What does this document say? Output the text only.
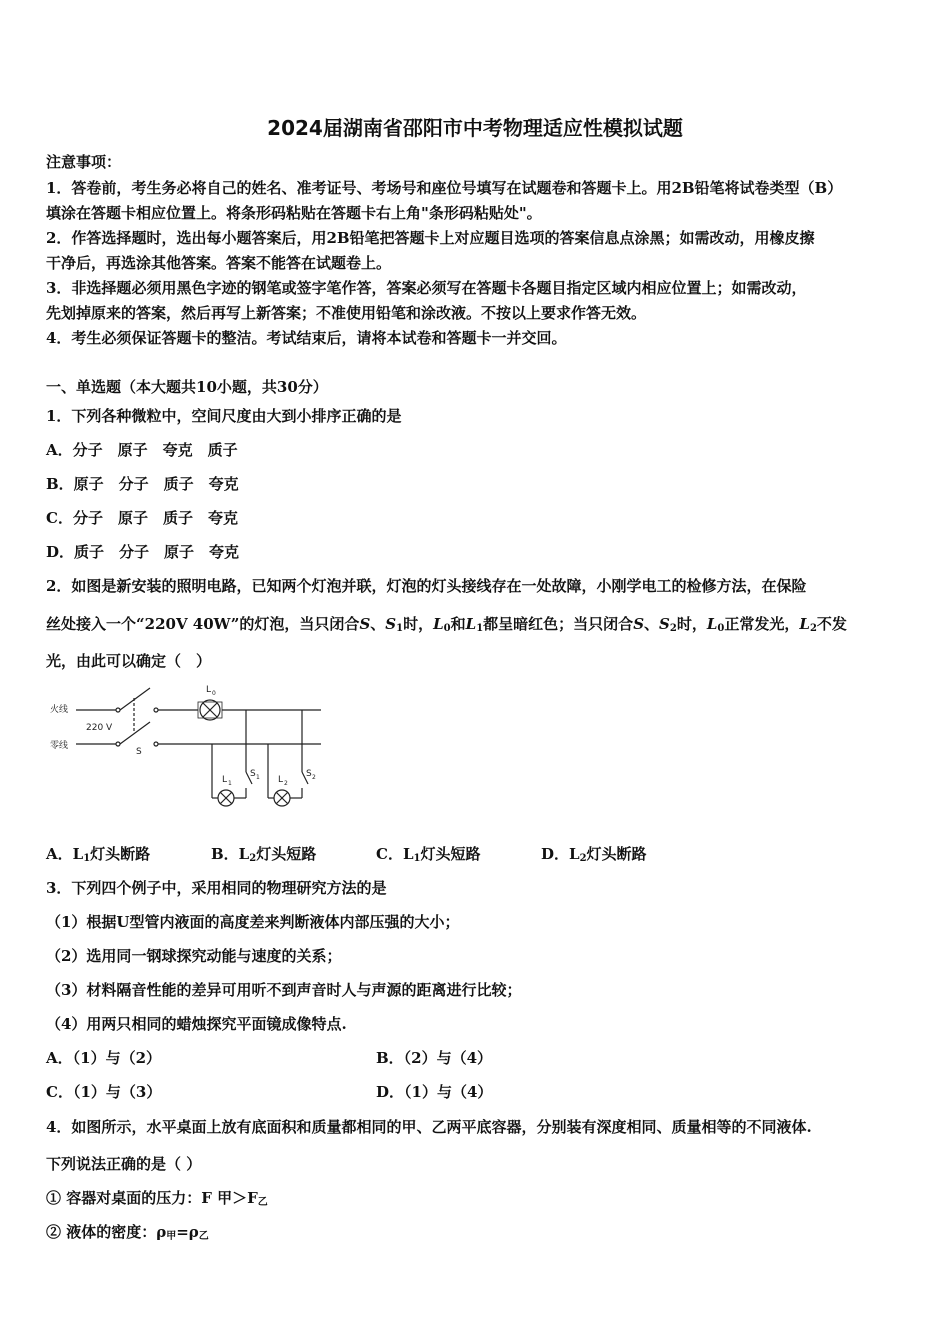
2024届湖南省邵阳市中考物理适应性模拟试题
注意事项：
1．答卷前，考生务必将自己的姓名、准考证号、考场号和座位号填写在试题卷和答题卡上。用2B铅笔将试卷类型（B）
填涂在答题卡相应位置上。将条形码粘贴在答题卡右上角"条形码粘贴处"。
2．作答选择题时，选出每小题答案后，用2B铅笔把答题卡上对应题目选项的答案信息点涂黑；如需改动，用橡皮擦
干净后，再选涂其他答案。答案不能答在试题卷上。
3．非选择题必须用黑色字迹的钢笔或签字笔作答，答案必须写在答题卡各题目指定区域内相应位置上；如需改动，
先划掉原来的答案，然后再写上新答案；不准使用铅笔和涂改液。不按以上要求作答无效。
4．考生必须保证答题卡的整洁。考试结束后，请将本试卷和答题卡一并交回。
一、单选题（本大题共10小题，共30分）
1．下列各种微粒中，空间尺度由大到小排序正确的是
A．分子　原子　夸克　质子
B．原子　分子　质子　夸克
C．分子　原子　质子　夸克
D．质子　分子　原子　夸克
2．如图是新安装的照明电路，已知两个灯泡并联，灯泡的灯头接线存在一处故障，小刚学电工的检修方法，在保险
丝处接入一个“220V 40W”的灯泡，当只闭合S、$S_1$时，$L_0$和$L_1$都呈暗红色；当只闭合S、$S_2$时，$L_0$正常发光，$L_2$不发
光，由此可以确定（　）
火线
零线
220 V
S
L 0
L 1
S 1 L 2
S 2
A．$L_1$灯头断路	B．$L_2$灯头短路	C．$L_1$灯头短路	D．$L_2$灯头断路
3．下列四个例子中，采用相同的物理研究方法的是
（1）根据U型管内液面的高度差来判断液体内部压强的大小；
（2）选用同一钢球探究动能与速度的关系；
（3）材料隔音性能的差异可用听不到声音时人与声源的距离进行比较；
（4）用两只相同的蜡烛探究平面镜成像特点.
A．（1）与（2）	B．（2）与（4）
C．（1）与（3）	D．（1）与（4）
4．如图所示，水平桌面上放有底面积和质量都相同的甲、乙两平底容器，分别装有深度相同、质量相等的不同液体.
下列说法正确的是（ ）
① 容器对桌面的压力：F 甲$>F_乙$
② 液体的密度：$\rho_甲=\rho_乙$
